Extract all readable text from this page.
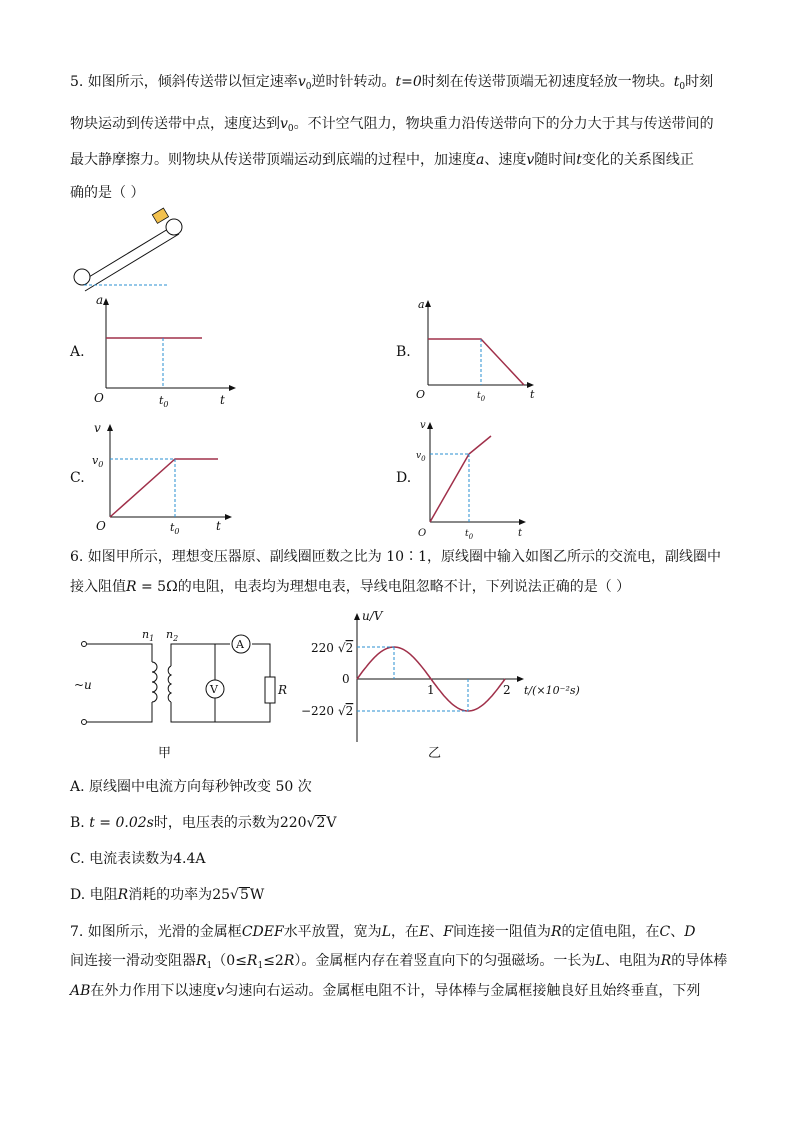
5. 如图所示，倾斜传送带以恒定速率$v_0$逆时针转动。t=0时刻在传送带顶端无初速度轻放一物块。$t_0$时刻
物块运动到传送带中点，速度达到$v_0$。不计空气阻力，物块重力沿传送带向下的分力大于其与传送带间的
最大静摩擦力。则物块从传送带顶端运动到底端的过程中，加速度a、速度v随时间t变化的关系图线正
确的是（ ）
A.
a
O	$t_0$	t
B.
a
O	$t_0$	t
C.
v
$v_0$
O	$t_0$	t
D.
v
$v_0$
O	$t_0$	t
6. 如图甲所示，理想变压器原、副线圈匝数之比为 10∶1，原线圈中输入如图乙所示的交流电，副线圈中
接入阻值R = 5Ω的电阻，电表均为理想电表，导线电阻忽略不计，下列说法正确的是（ ）
A
V	R
~u
$n_1$ $n_2$
甲
u/V
220 √2
−220 √2
0
1	2 t/(×10⁻²s)
乙
A. 原线圈中电流方向每秒钟改变 50 次
B. t = 0.02s时，电压表的示数为220√2V
C. 电流表读数为4.4A
D. 电阻R消耗的功率为25√5W
7. 如图所示，光滑的金属框CDEF水平放置，宽为L，在E、F间连接一阻值为R的定值电阻，在C、D
间连接一滑动变阻器$R_1(0\le R_1\le 2R)$。金属框内存在着竖直向下的匀强磁场。一长为L、电阻为R的导体棒
AB在外力作用下以速度v匀速向右运动。金属框电阻不计，导体棒与金属框接触良好且始终垂直，下列
